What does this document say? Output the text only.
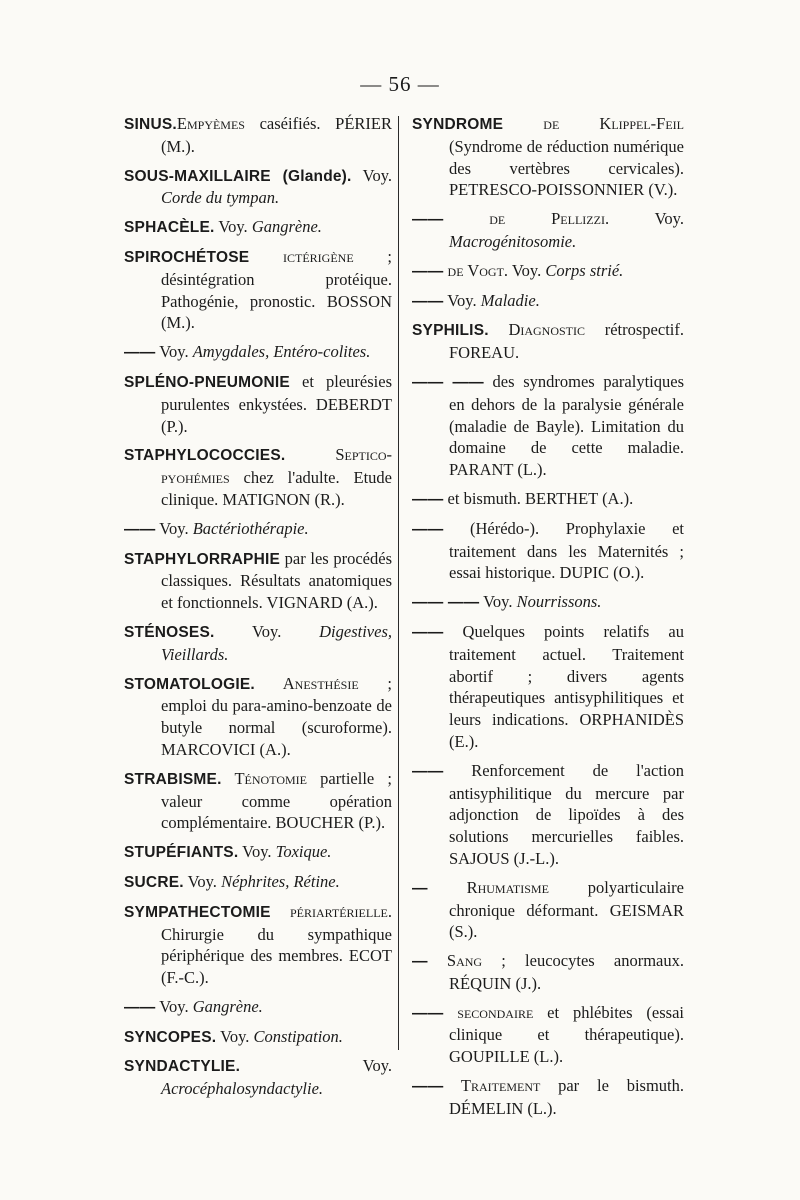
— 56 —

SINUS.Empyèmes caséifiés. PÉRIER (M.).

SOUS-MAXILLAIRE (Glande). Voy. Corde du tympan.

SPHACÈLE. Voy. Gangrène.

SPIROCHÉTOSE ictérigène ; désintégration protéique. Pathogénie, pronostic. BOSSON (M.).

—— Voy. Amygdales, Entéro-colites.

SPLÉNO-PNEUMONIE et pleurésies purulentes enkystées. DEBERDT (P.).

STAPHYLOCOCCIES. Septico-pyohémies chez l'adulte. Etude clinique. MATIGNON (R.).

—— Voy. Bactériothérapie.

STAPHYLORRAPHIE par les procédés classiques. Résultats anatomiques et fonctionnels. VIGNARD (A.).

STÉNOSES. Voy. Digestives, Vieillards.

STOMATOLOGIE. Anesthésie ; emploi du para-amino-benzoate de butyle normal (scuroforme). MARCOVICI (A.).

STRABISME. Ténotomie partielle ; valeur comme opération complémentaire. BOUCHER (P.).

STUPÉFIANTS. Voy. Toxique.

SUCRE. Voy. Néphrites, Rétine.

SYMPATHECTOMIE périartérielle. Chirurgie du sympathique périphérique des membres. ECOT (F.-C.).

—— Voy. Gangrène.

SYNCOPES. Voy. Constipation.

SYNDACTYLIE. Voy. Acrocéphalosyndactylie.

SYNDROME de Klippel-Feil (Syndrome de réduction numérique des vertèbres cervicales). PETRESCO-POISSONNIER (V.).

—— de Pellizzi. Voy. Macrogénitosomie.

—— de Vogt. Voy. Corps strié.

—— Voy. Maladie.

SYPHILIS. Diagnostic rétrospectif. FOREAU.

—— —— des syndromes paralytiques en dehors de la paralysie générale (maladie de Bayle). Limitation du domaine de cette maladie. PARANT (L.).

—— et bismuth. BERTHET (A.).

—— (Hérédo-). Prophylaxie et traitement dans les Maternités ; essai historique. DUPIC (O.).

—— —— Voy. Nourrissons.

—— Quelques points relatifs au traitement actuel. Traitement abortif ; divers agents thérapeutiques antisyphilitiques et leurs indications. ORPHANIDÈS (E.).

—— Renforcement de l'action antisyphilitique du mercure par adjonction de lipoïdes à des solutions mercurielles faibles. SAJOUS (J.-L.).

— Rhumatisme polyarticulaire chronique déformant. GEISMAR (S.).

— Sang ; leucocytes anormaux. RÉQUIN (J.).

—— secondaire et phlébites (essai clinique et thérapeutique). GOUPILLE (L.).

—— Traitement par le bismuth. DÉMELIN (L.).
